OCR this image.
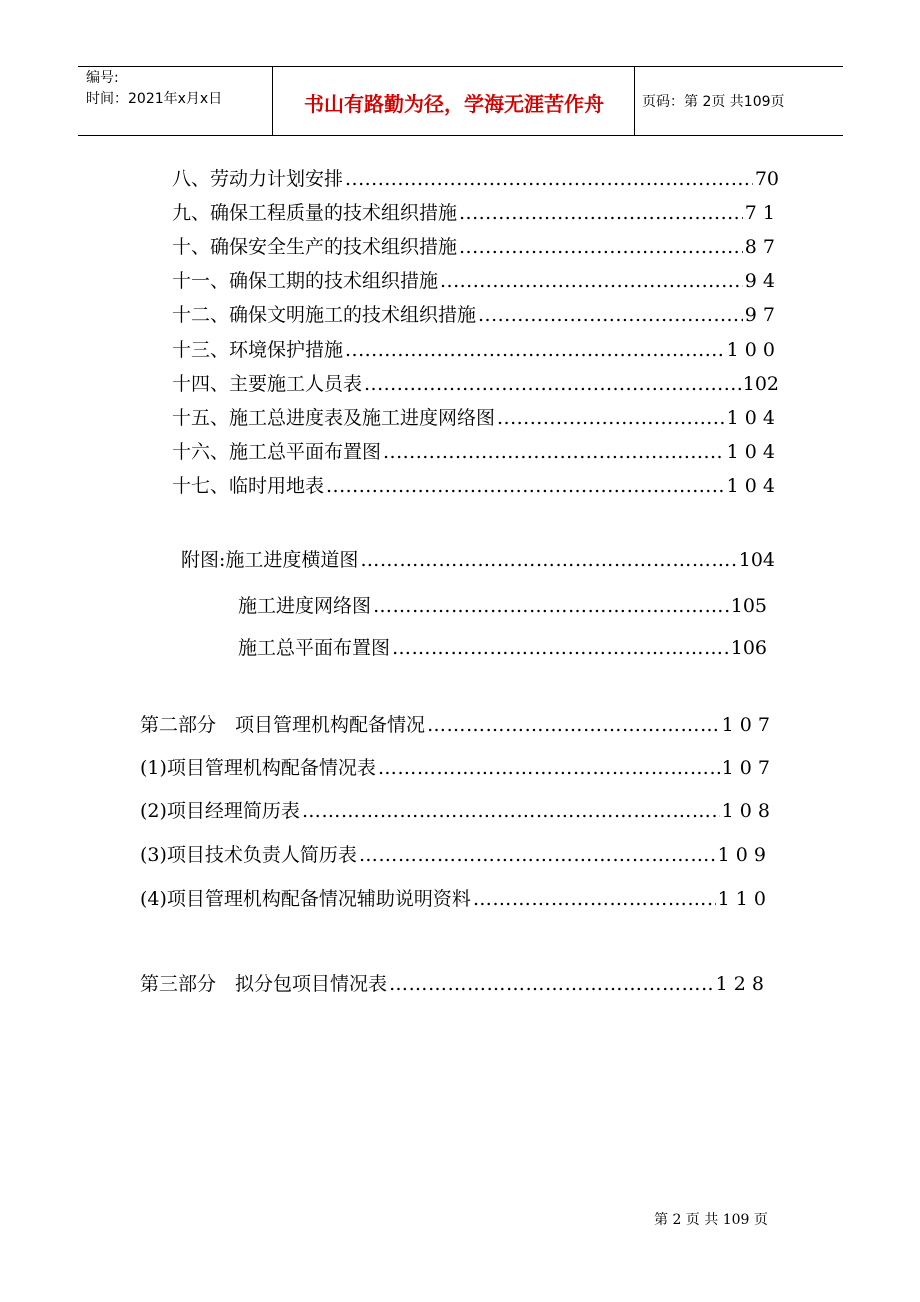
编号:
时间：2021年x月x日	书山有路勤为径，学海无涯苦作舟	页码：第 2页 共109页
八、劳动力计划安排 .....	70
九、确保工程质量的技术组织措施 .....	7 1
十、确保安全生产的技术组织措施 .....	8 7
十一、确保工期的技术组织措施 .....	9 4
十二、确保文明施工的技术组织措施 .....	9 7
十三、环境保护措施 .....	1 0 0
十四、主要施工人员表 .....	102
十五、施工总进度表及施工进度网络图 .....	1 0 4
十六、施工总平面布置图 .....	1 0 4
十七、临时用地表 .....	1 0 4
附图:施工进度横道图 ………………………………………………………………………………………………………………………………………………………………………………	104
施工进度网络图 ………………………………………………………………………………………………………………………………………………………………………………	105
施工总平面布置图 ………………………………………………………………………………………………………………………………………………………………………………	106
第二部分　项目管理机构配备情况 ………………………………………………………………………………………………………………………………………………………………………………	1 0 7
(1)项目管理机构配备情况表 ………………………………………………………………………………………………………………………………………………………………………………	1 0 7
(2)项目经理简历表 ………………………………………………………………………………………………………………………………………………………………………………	1 0 8
(3)项目技术负责人简历表 ………………………………………………………………………………………………………………………………………………………………………………	1 0 9
(4)项目管理机构配备情况辅助说明资料 ………………………………………………………………………………………………………………………………………………………………………………	1 1 0
第三部分　拟分包项目情况表 ………………………………………………………………………………………………………………………………………………………………………………	1 2 8
第 2 页 共 109 页
